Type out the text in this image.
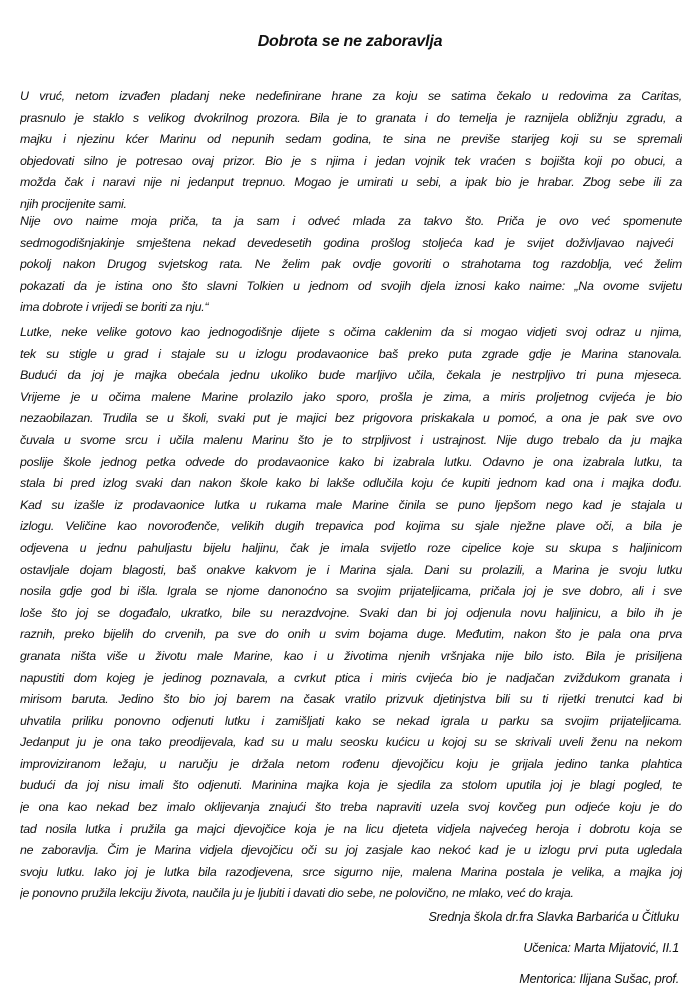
Dobrota se ne zaboravlja
U vruć, netom izvađen pladanj neke nedefinirane hrane za koju se satima čekalo u redovima za Caritas,
prasnulo je staklo s velikog dvokrilnog prozora. Bila je to granata i do temelja je raznijela obližnju zgradu, a
majku i njezinu kćer Marinu od nepunih sedam godina, te sina ne previše starijeg koji su se spremali
objedovati silno je potresao ovaj prizor. Bio je s njima i jedan vojnik tek vraćen s bojišta koji po obuci, a
možda čak i naravi nije ni jedanput trepnuo. Mogao je umirati u sebi, a ipak bio je hrabar. Zbog sebe ili za
njih procijenite sami.
Nije ovo naime moja priča, ta ja sam i odveć mlada za takvo što. Priča je ovo već spomenute
sedmogodišnjakinje smještena nekad devedesetih godina prošlog stoljeća kad je svijet doživljavao najveći
pokolj nakon Drugog svjetskog rata. Ne želim pak ovdje govoriti o strahotama tog razdoblja, već želim
pokazati da je istina ono što slavni Tolkien u jednom od svojih djela iznosi kako naime: „Na ovome svijetu
ima dobrote i vrijedi se boriti za nju.“
Lutke, neke velike gotovo kao jednogodišnje dijete s očima caklenim da si mogao vidjeti svoj odraz u njima,
tek su stigle u grad i stajale su u izlogu prodavaonice baš preko puta zgrade gdje je Marina stanovala.
Budući da joj je majka obećala jednu ukoliko bude marljivo učila, čekala je nestrpljivo tri puna mjeseca.
Vrijeme je u očima malene Marine prolazilo jako sporo, prošla je zima, a miris proljetnog cvijeća je bio
nezaobilazan. Trudila se u školi, svaki put je majici bez prigovora priskakala u pomoć, a ona je pak sve ovo
čuvala u svome srcu i učila malenu Marinu što je to strpljivost i ustrajnost. Nije dugo trebalo da ju majka
poslije škole jednog petka odvede do prodavaonice kako bi izabrala lutku. Odavno je ona izabrala lutku, ta
stala bi pred izlog svaki dan nakon škole kako bi lakše odlučila koju će kupiti jednom kad ona i majka dođu.
Kad su izašle iz prodavaonice lutka u rukama male Marine činila se puno ljepšom nego kad je stajala u
izlogu. Veličine kao novorođenče, velikih dugih trepavica pod kojima su sjale nježne plave oči, a bila je
odjevena u jednu pahuljastu bijelu haljinu, čak je imala svijetlo roze cipelice koje su skupa s haljinicom
ostavljale dojam blagosti, baš onakve kakvom je i Marina sjala. Dani su prolazili, a Marina je svoju lutku
nosila gdje god bi išla. Igrala se njome danonoćno sa svojim prijateljicama, pričala joj je sve dobro, ali i sve
loše što joj se događalo, ukratko, bile su nerazdvojne. Svaki dan bi joj odjenula novu haljinicu, a bilo ih je
raznih, preko bijelih do crvenih, pa sve do onih u svim bojama duge. Međutim, nakon što je pala ona prva
granata ništa više u životu male Marine, kao i u životima njenih vršnjaka nije bilo isto. Bila je prisiljena
napustiti dom kojeg je jedinog poznavala, a cvrkut ptica i miris cvijeća bio je nadjačan zviždukom granata i
mirisom baruta. Jedino što bio joj barem na časak vratilo prizvuk djetinjstva bili su ti rijetki trenutci kad bi
uhvatila priliku ponovno odjenuti lutku i zamišljati kako se nekad igrala u parku sa svojim prijateljicama.
Jedanput ju je ona tako preodijevala, kad su u malu seosku kućicu u kojoj su se skrivali uveli ženu na nekom
improviziranom ležaju, u naručju je držala netom rođenu djevojčicu koju je grijala jedino tanka plahtica
budući da joj nisu imali što odjenuti. Marinina majka koja je sjedila za stolom uputila joj je blagi pogled, te
je ona kao nekad bez imalo oklijevanja znajući što treba napraviti uzela svoj kovčeg pun odjeće koju je do
tad nosila lutka i pružila ga majci djevojčice koja je na licu djeteta vidjela najvećeg heroja i dobrotu koja se
ne zaboravlja. Čim je Marina vidjela djevojčicu oči su joj zasjale kao nekoć kad je u izlogu prvi puta ugledala
svoju lutku. Iako joj je lutka bila razodjevena, srce sigurno nije, malena Marina postala je velika, a majka joj
je ponovno pružila lekciju života, naučila ju je ljubiti i davati dio sebe, ne polovično, ne mlako, već do kraja.
Srednja škola dr.fra Slavka Barbarića u Čitluku
Učenica: Marta Mijatović, II.1
Mentorica: Ilijana Sušac, prof.
